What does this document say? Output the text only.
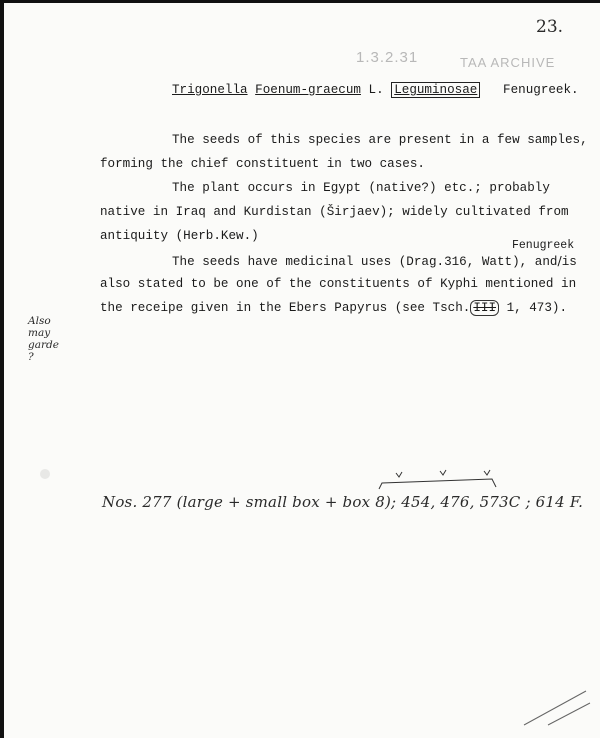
23.
TAA ARCHIVE
1.3.2.31
Trigonella Foenum-graecum L. Leguminosae Fenugreek.
The seeds of this species are present in a few samples,
forming the chief constituent in two cases.
The plant occurs in Egypt (native?) etc.; probably
native in Iraq and Kurdistan (Širjaev); widely cultivated from
antiquity (Herb.Kew.)
Fenugreek
The seeds have medicinal uses (Drag.316, Watt), and/is
also stated to be one of the constituents of Kyphi mentioned in
the receipe given in the Ebers Papyrus (see Tsch. III 1, 473).
Also
may
garde
?
Nos. 277 (large + small box + box 8); 454, 476, 573C ; 614 F.
